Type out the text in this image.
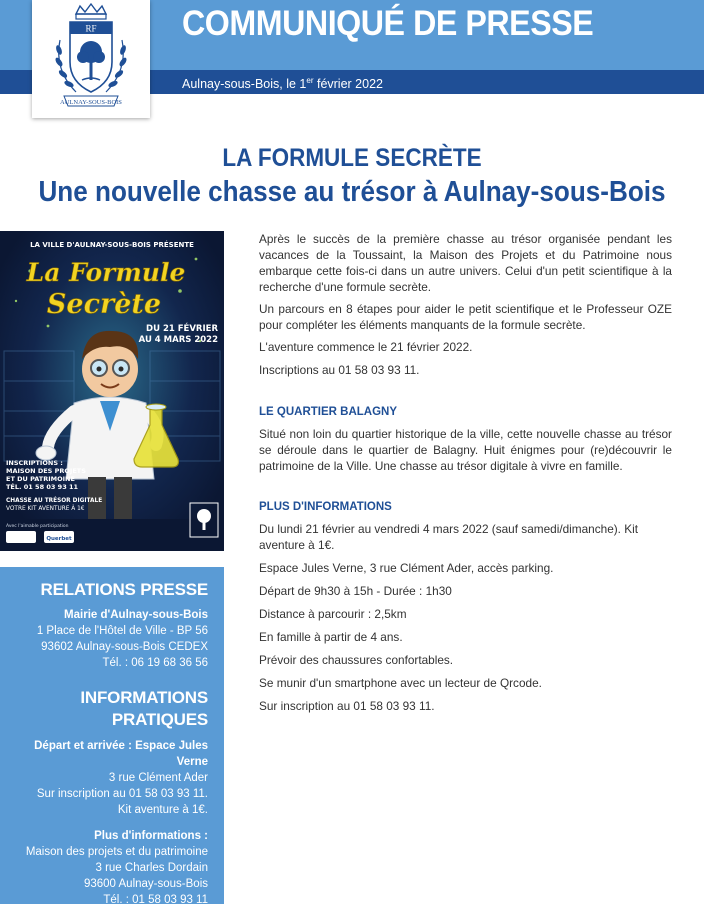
COMMUNIQUÉ DE PRESSE
Aulnay-sous-Bois, le 1er février 2022
RF
AULNAY-SOUS-BOIS
LA FORMULE SECRÈTE
Une nouvelle chasse au trésor à Aulnay-sous-Bois
LA VILLE D'AULNAY-SOUS-BOIS PRÉSENTE
La Formule
Secrète
DU 21 FÉVRIER
AU 4 MARS 2022
INSCRIPTIONS :
MAISON DES PROJETS
ET DU PATRIMOINE
TÉL. 01 58 03 93 11
CHASSE AU TRÉSOR DIGITALE
VOTRE KIT AVENTURE À 1€
Avec l'aimable participation
Querbet
RELATIONS PRESSE
Mairie d'Aulnay-sous-Bois
1 Place de l'Hôtel de Ville - BP 56
93602 Aulnay-sous-Bois CEDEX
Tél. : 06 19 68 36 56
INFORMATIONS
PRATIQUES
Départ et arrivée : Espace Jules Verne
3 rue Clément Ader
Sur inscription au 01 58 03 93 11.
Kit aventure à 1€.
Plus d'informations :
Maison des projets et du patrimoine
3 rue Charles Dordain
93600 Aulnay-sous-Bois
Tél. : 01 58 03 93 11

Après le succès de la première chasse au trésor organisée pendant les vacances de la Toussaint, la Maison des Projets et du Patrimoine nous embarque cette fois-ci dans un autre univers. Celui d'un petit scientifique à la recherche d'une formule secrète.

Un parcours en 8 étapes pour aider le petit scientifique et le Professeur OZE pour compléter les éléments manquants de la formule secrète.

L'aventure commence le 21 février 2022.

Inscriptions au 01 58 03 93 11.

LE QUARTIER BALAGNY

Situé non loin du quartier historique de la ville, cette nouvelle chasse au trésor se déroule dans le quartier de Balagny. Huit énigmes pour (re)découvrir le patrimoine de la Ville. Une chasse au trésor digitale à vivre en famille.

PLUS D'INFORMATIONS

Du lundi 21 février au vendredi 4 mars 2022 (sauf samedi/dimanche). Kit aventure à 1€.

Espace Jules Verne, 3 rue Clément Ader, accès parking.

Départ de 9h30 à 15h - Durée : 1h30

Distance à parcourir : 2,5km

En famille à partir de 4 ans.

Prévoir des chaussures confortables.

Se munir d'un smartphone avec un lecteur de Qrcode.

Sur inscription au 01 58 03 93 11.
